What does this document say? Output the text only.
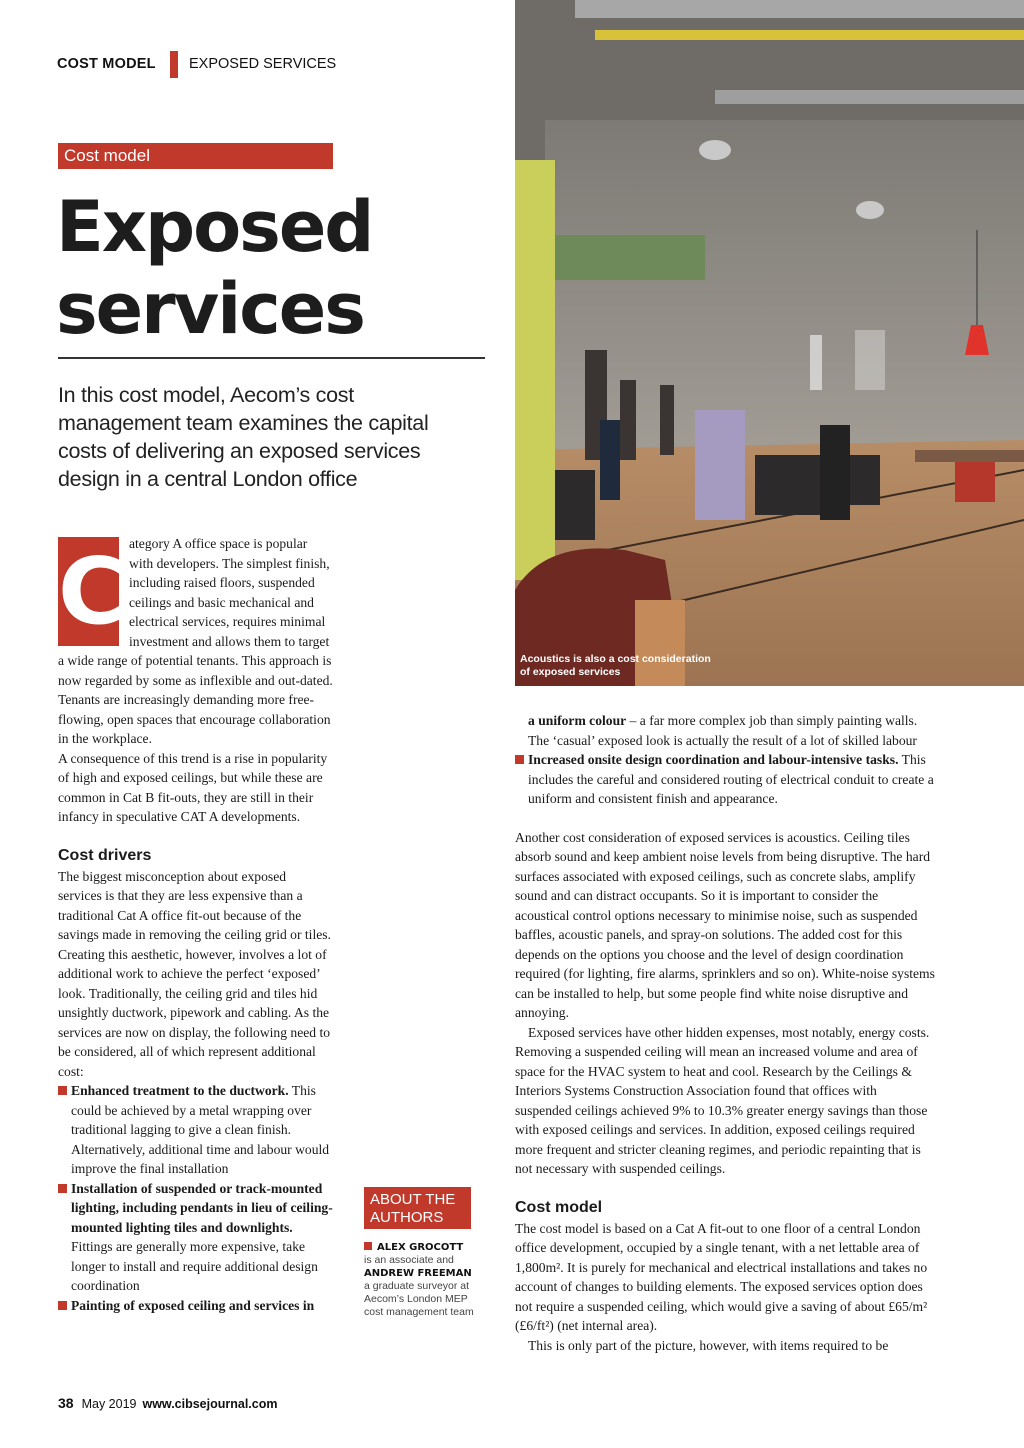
COST MODEL EXPOSED SERVICES
Cost model
Exposed
services
In this cost model, Aecom’s cost management team examines the capital costs of delivering an exposed services design in a central London office
Acoustics is also a cost consideration of exposed services
C ategory A office space is popular with developers. The simplest finish, including raised floors, suspended ceilings and basic mechanical and electrical services, requires minimal investment and allows them to target a wide range of potential tenants. This approach is now regarded by some as inflexible and out-dated. Tenants are increasingly demanding more free-flowing, open spaces that encourage collaboration in the workplace.

A consequence of this trend is a rise in popularity of high and exposed ceilings, but while these are common in Cat B fit-outs, they are still in their infancy in speculative CAT A developments.

Cost drivers

The biggest misconception about exposed services is that they are less expensive than a traditional Cat A office fit-out because of the savings made in removing the ceiling grid or tiles. Creating this aesthetic, however, involves a lot of additional work to achieve the perfect ‘exposed’ look. Traditionally, the ceiling grid and tiles hid unsightly ductwork, pipework and cabling. As the services are now on display, the following need to be considered, all of which represent additional cost:

Enhanced treatment to the ductwork. This could be achieved by a metal wrapping over traditional lagging to give a clean finish. Alternatively, additional time and labour would improve the final installation

Installation of suspended or track-mounted lighting, including pendants in lieu of ceiling-mounted lighting tiles and downlights. Fittings are generally more expensive, take longer to install and require additional design coordination

Painting of exposed ceiling and services in

ABOUT THE AUTHORS
ALEX GROCOTT
is an associate and ANDREW FREEMAN a graduate surveyor at Aecom’s London MEP cost management team

a uniform colour – a far more complex job than simply painting walls. The ‘casual’ exposed look is actually the result of a lot of skilled labour

Increased onsite design coordination and labour-intensive tasks. This includes the careful and considered routing of electrical conduit to create a uniform and consistent finish and appearance.

Another cost consideration of exposed services is acoustics. Ceiling tiles absorb sound and keep ambient noise levels from being disruptive. The hard surfaces associated with exposed ceilings, such as concrete slabs, amplify sound and can distract occupants. So it is important to consider the acoustical control options necessary to minimise noise, such as suspended baffles, acoustic panels, and spray-on solutions. The added cost for this depends on the options you choose and the level of design coordination required (for lighting, fire alarms, sprinklers and so on). White-noise systems can be installed to help, but some people find white noise disruptive and annoying.

Exposed services have other hidden expenses, most notably, energy costs. Removing a suspended ceiling will mean an increased volume and area of space for the HVAC system to heat and cool. Research by the Ceilings & Interiors Systems Construction Association found that offices with suspended ceilings achieved 9% to 10.3% greater energy savings than those with exposed ceilings and services. In addition, exposed ceilings required more frequent and stricter cleaning regimes, and periodic repainting that is not necessary with suspended ceilings.

Cost model

The cost model is based on a Cat A fit-out to one floor of a central London office development, occupied by a single tenant, with a net lettable area of 1,800m². It is purely for mechanical and electrical installations and takes no account of changes to building elements. The exposed services option does not require a suspended ceiling, which would give a saving of about £65/m² (£6/ft²) (net internal area).

This is only part of the picture, however, with items required to be

38 May 2019 www.cibsejournal.com
